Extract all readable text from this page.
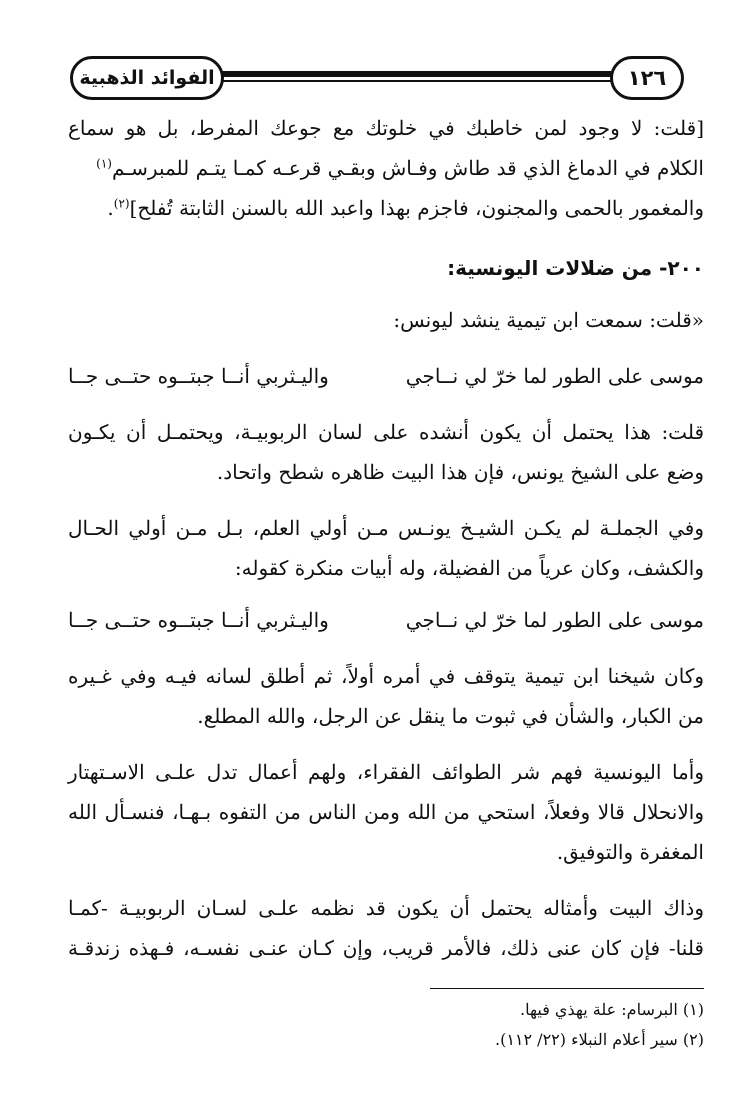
الفوائد الذهبية	١٢٦
[قلت: لا وجود لمن خاطبك في خلوتك مع جوعك المفرط، بل هو سماع
الكلام في الدماغ الذي قد طاش وفـاش وبقـي قرعـه كمـا يتـم للمبرسـم$^{(١)}$
والمغمور بالحمى والمجنون، فاجزم بهذا واعبد الله بالسنن الثابتة تُفلح]$^{(٢)}$.
٢٠٠- من ضلالات اليونسية:
«قلت: سمعت ابن تيمية ينشد ليونس:
موسى على الطور لما خرّ لي نــاجي
واليـثربي أنــا جبتــوه حتــى جــا
قلت: هذا يحتمل أن يكون أنشده على لسان الربوبيـة، ويحتمـل أن يكـون
وضع على الشيخ يونس، فإن هذا البيت ظاهره شطح واتحاد.
وفي الجملـة لم يكـن الشيـخ يونـس مـن أولي العلم، بـل مـن أولي الحـال
والكشف، وكان عرياً من الفضيلة، وله أبيات منكرة كقوله:
موسى على الطور لما خرّ لي نــاجي
واليـثربي أنــا جبتــوه حتــى جــا
وكان شيخنا ابن تيمية يتوقف في أمره أولاً، ثم أطلق لسانه فيـه وفي غـيره
من الكبار، والشأن في ثبوت ما ينقل عن الرجل، والله المطلع.
وأما اليونسية فهم شر الطوائف الفقراء، ولهم أعمال تدل علـى الاسـتهتار
والانحلال قالا وفعلاً، استحي من الله ومن الناس من التفوه بـهـا، فنسـأل الله
المغفرة والتوفيق.
وذاك البيت وأمثاله يحتمل أن يكون قد نظمه علـى لسـان الربوبيـة -كمـا
قلنا- فإن كان عنى ذلك، فالأمر قريب، وإن كـان عنـى نفسـه، فـهذه زندقـة
(١) البرسام: علة يهذي فيها.
(٢) سير أعلام النبلاء (٢٢/ ١١٢).
